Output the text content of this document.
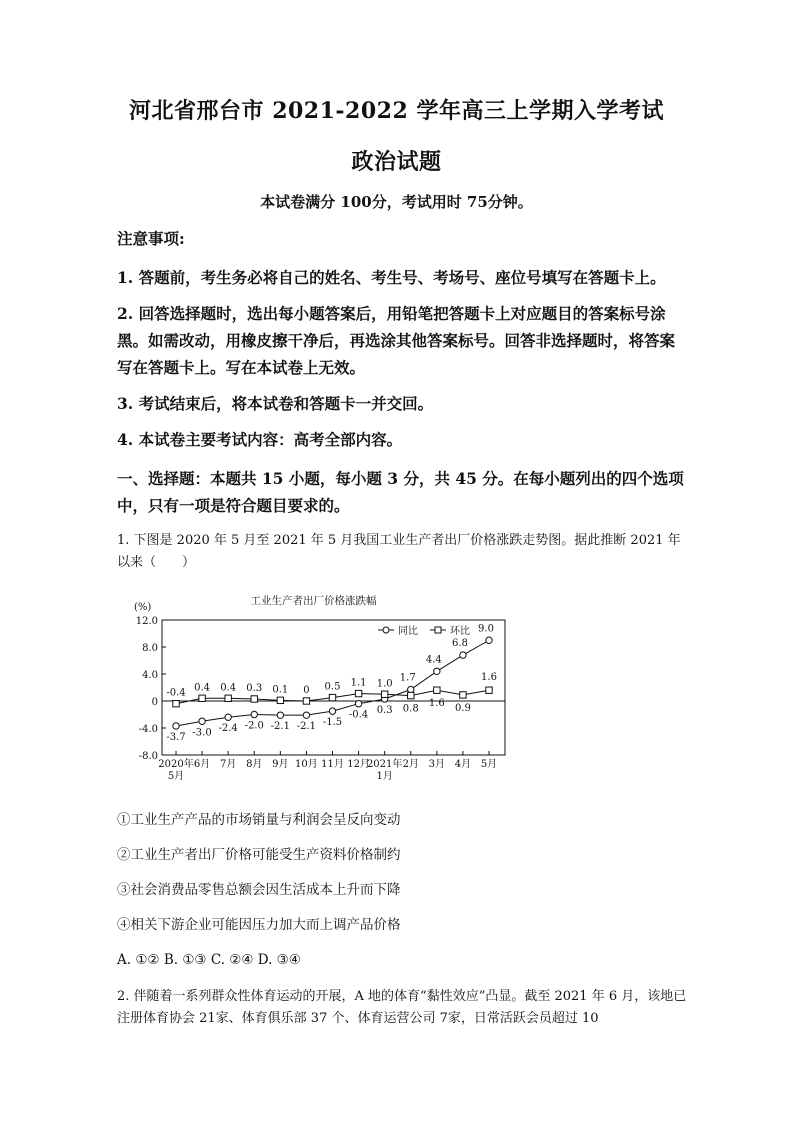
河北省邢台市 2021-2022 学年高三上学期入学考试
政治试题
本试卷满分 100分，考试用时 75分钟。
注意事项:
1. 答题前，考生务必将自己的姓名、考生号、考场号、座位号填写在答题卡上。
2. 回答选择题时，选出每小题答案后，用铅笔把答题卡上对应题目的答案标号涂黑。如需改动，用橡皮擦干净后，再选涂其他答案标号。回答非选择题时，将答案写在答题卡上。写在本试卷上无效。
3. 考试结束后，将本试卷和答题卡一并交回。
4. 本试卷主要考试内容：高考全部内容。
一、选择题：本题共 15 小题，每小题 3 分，共 45 分。在每小题列出的四个选项中，只有一项是符合题目要求的。
1. 下图是 2020 年 5 月至 2021 年 5 月我国工业生产者出厂价格涨跌走势图。据此推断 2021 年以来（　　）
工业生产者出厂价格涨跌幅
(%)
12.0
8.0
4.0
0
-4.0
-8.0
2020年 5月
6月 7月 8月 9月 10月 11月 12月
2021年 1月
2月 3月 4月 5月
-3.7 -3.0 -2.4 -2.0 -2.1 -2.1 -1.5
-0.4 0.3
1.7
4.4
6.8
9.0
-0.4 0.4 0.4 0.3 0.1 0 0.5 1.1 1.0
0.8 1.6 0.9
1.6
同比	环比
①工业生产产品的市场销量与利润会呈反向变动
②工业生产者出厂价格可能受生产资料价格制约
③社会消费品零售总额会因生活成本上升而下降
④相关下游企业可能因压力加大而上调产品价格
A. ①② B. ①③ C. ②④ D. ③④
2. 伴随着一系列群众性体育运动的开展，A 地的体育“黏性效应”凸显。截至 2021 年 6 月，该地已注册体育协会 21家、体育俱乐部 37 个、体育运营公司 7家，日常活跃会员超过 10
